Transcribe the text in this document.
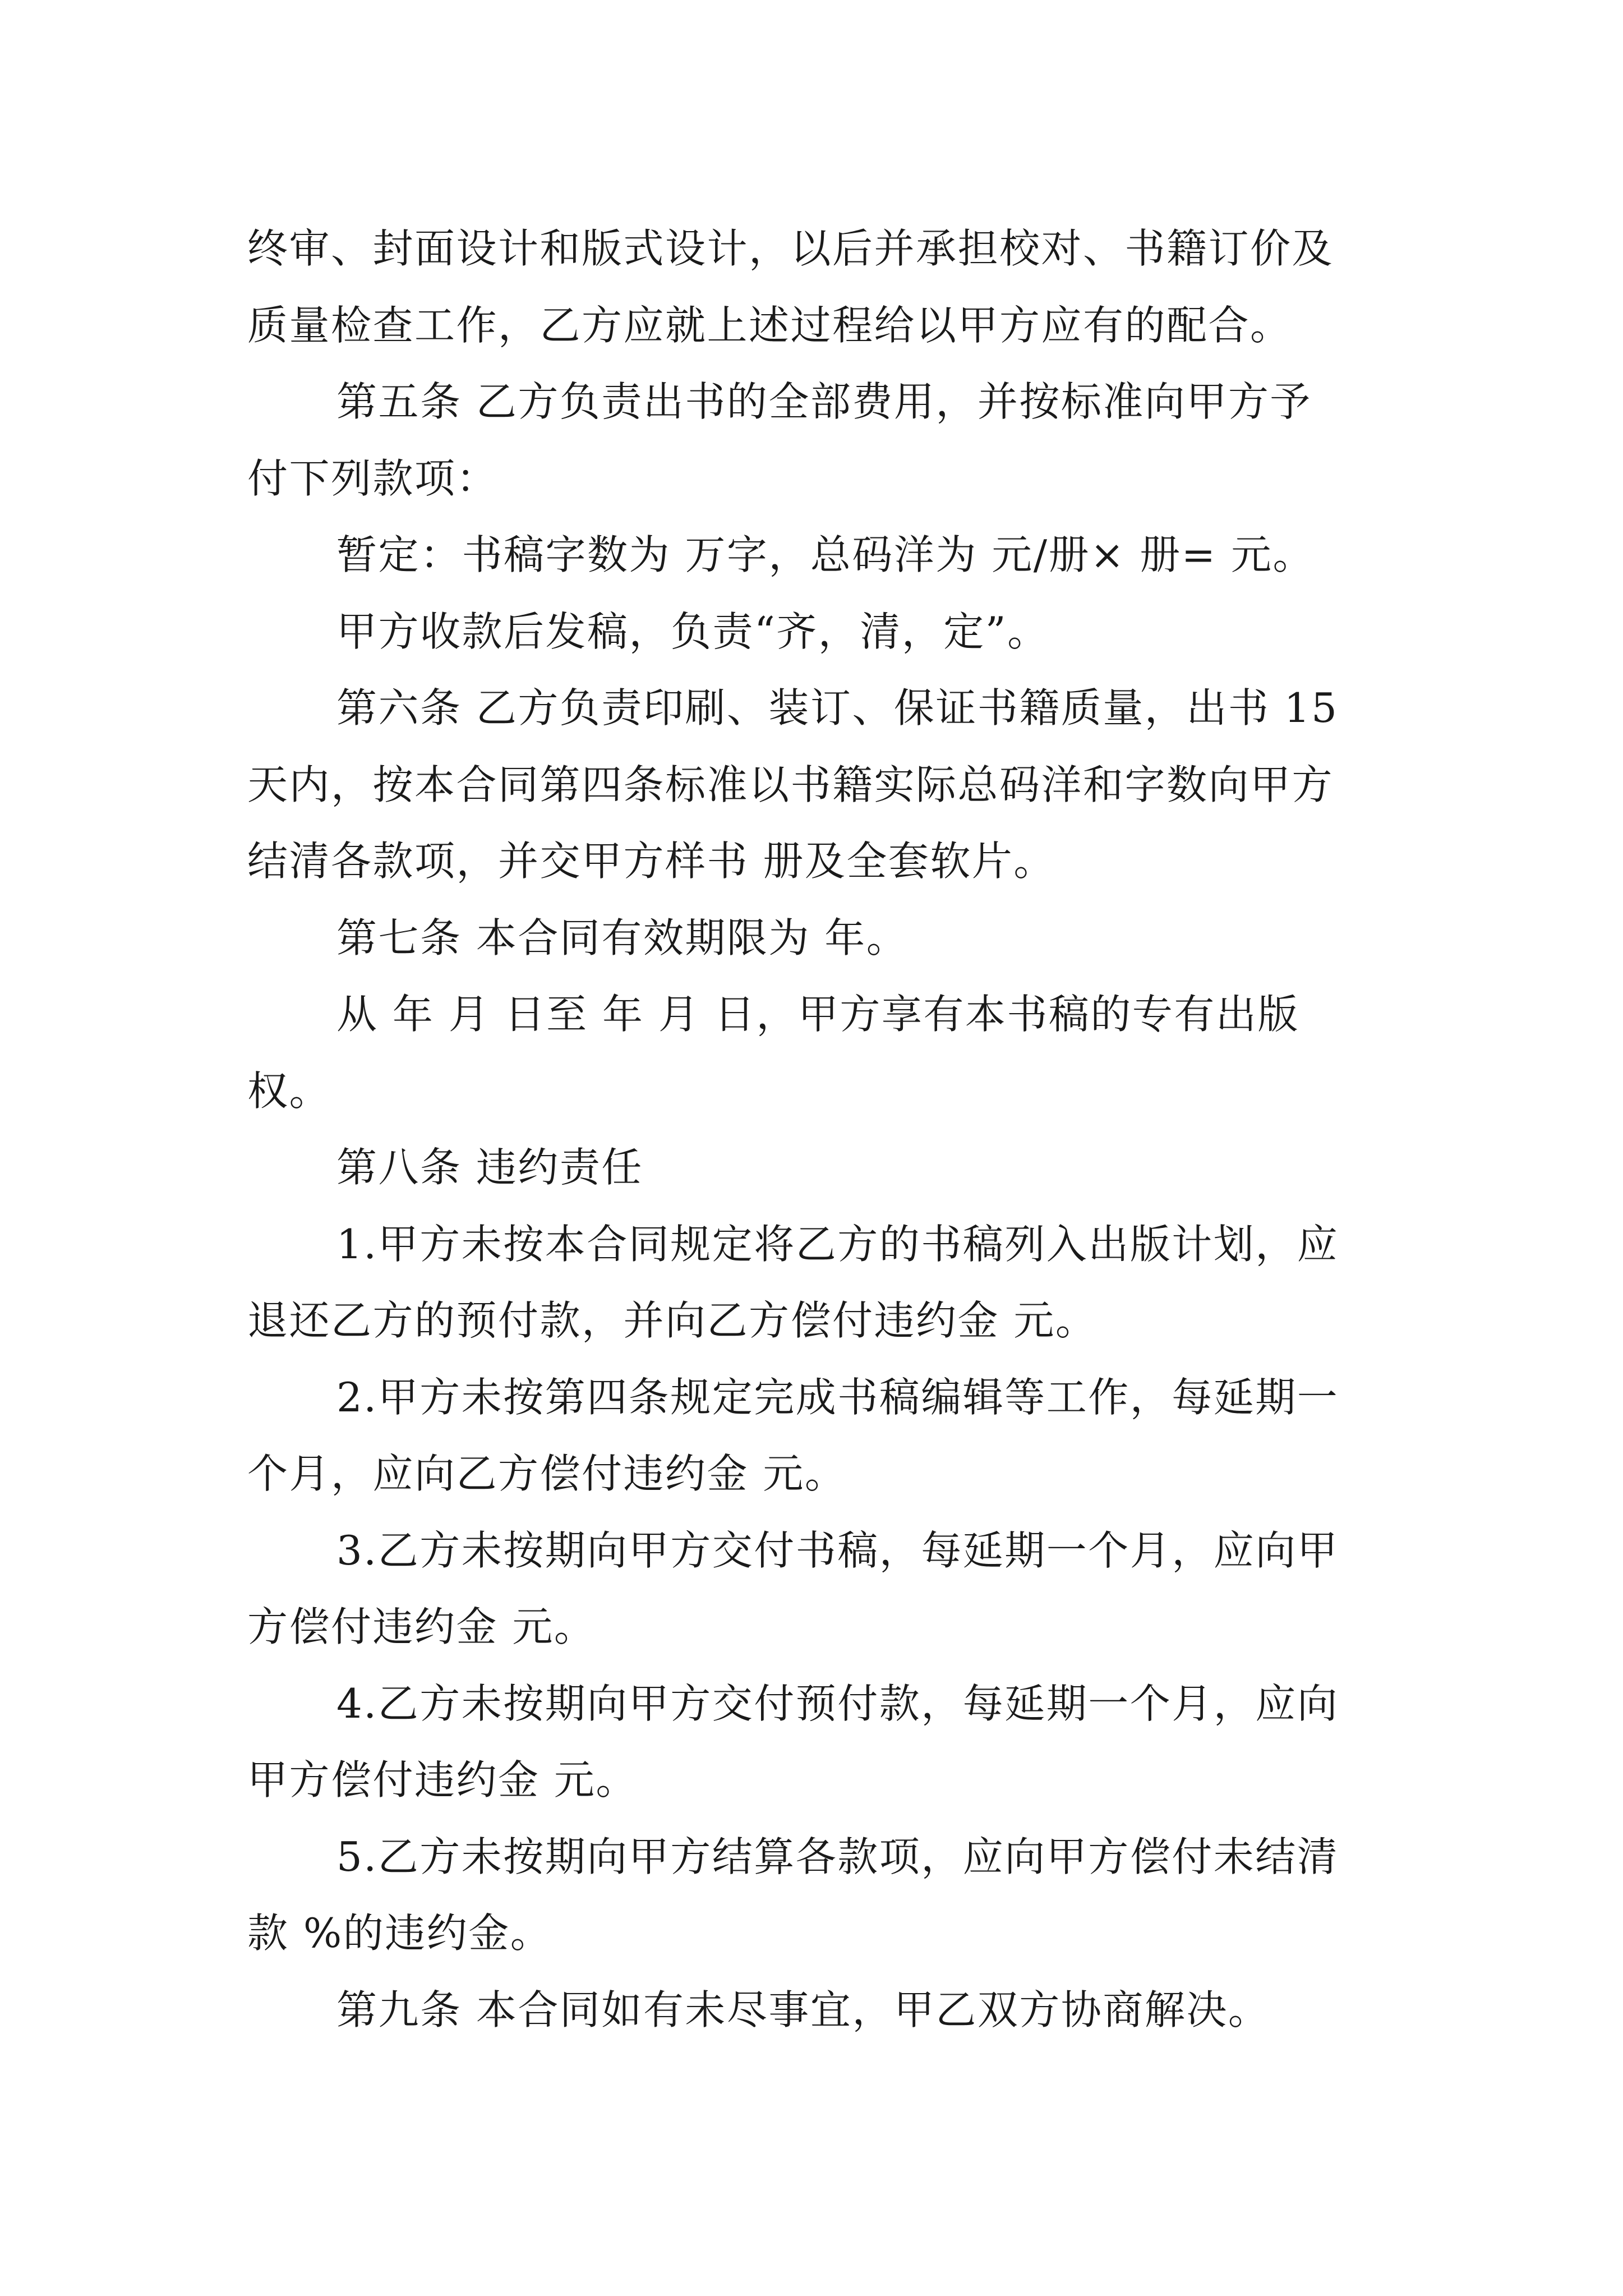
终审、封面设计和版式设计，以后并承担校对、书籍订价及
质量检查工作，乙方应就上述过程给以甲方应有的配合。
第五条 乙方负责出书的全部费用，并按标准向甲方予
付下列款项：
暂定：书稿字数为 万字，总码洋为 元/册× 册= 元。
甲方收款后发稿，负责“齐，清，定”。
第六条 乙方负责印刷、装订、保证书籍质量，出书 15
天内，按本合同第四条标准以书籍实际总码洋和字数向甲方
结清各款项，并交甲方样书 册及全套软片。
第七条 本合同有效期限为 年。
从 年 月 日至 年 月 日，甲方享有本书稿的专有出版
权。
第八条 违约责任
1.甲方未按本合同规定将乙方的书稿列入出版计划，应
退还乙方的预付款，并向乙方偿付违约金 元。
2.甲方未按第四条规定完成书稿编辑等工作，每延期一
个月，应向乙方偿付违约金 元。
3.乙方未按期向甲方交付书稿，每延期一个月，应向甲
方偿付违约金 元。
4.乙方未按期向甲方交付预付款，每延期一个月，应向
甲方偿付违约金 元。
5.乙方未按期向甲方结算各款项，应向甲方偿付未结清
款 %的违约金。
第九条 本合同如有未尽事宜，甲乙双方协商解决。
